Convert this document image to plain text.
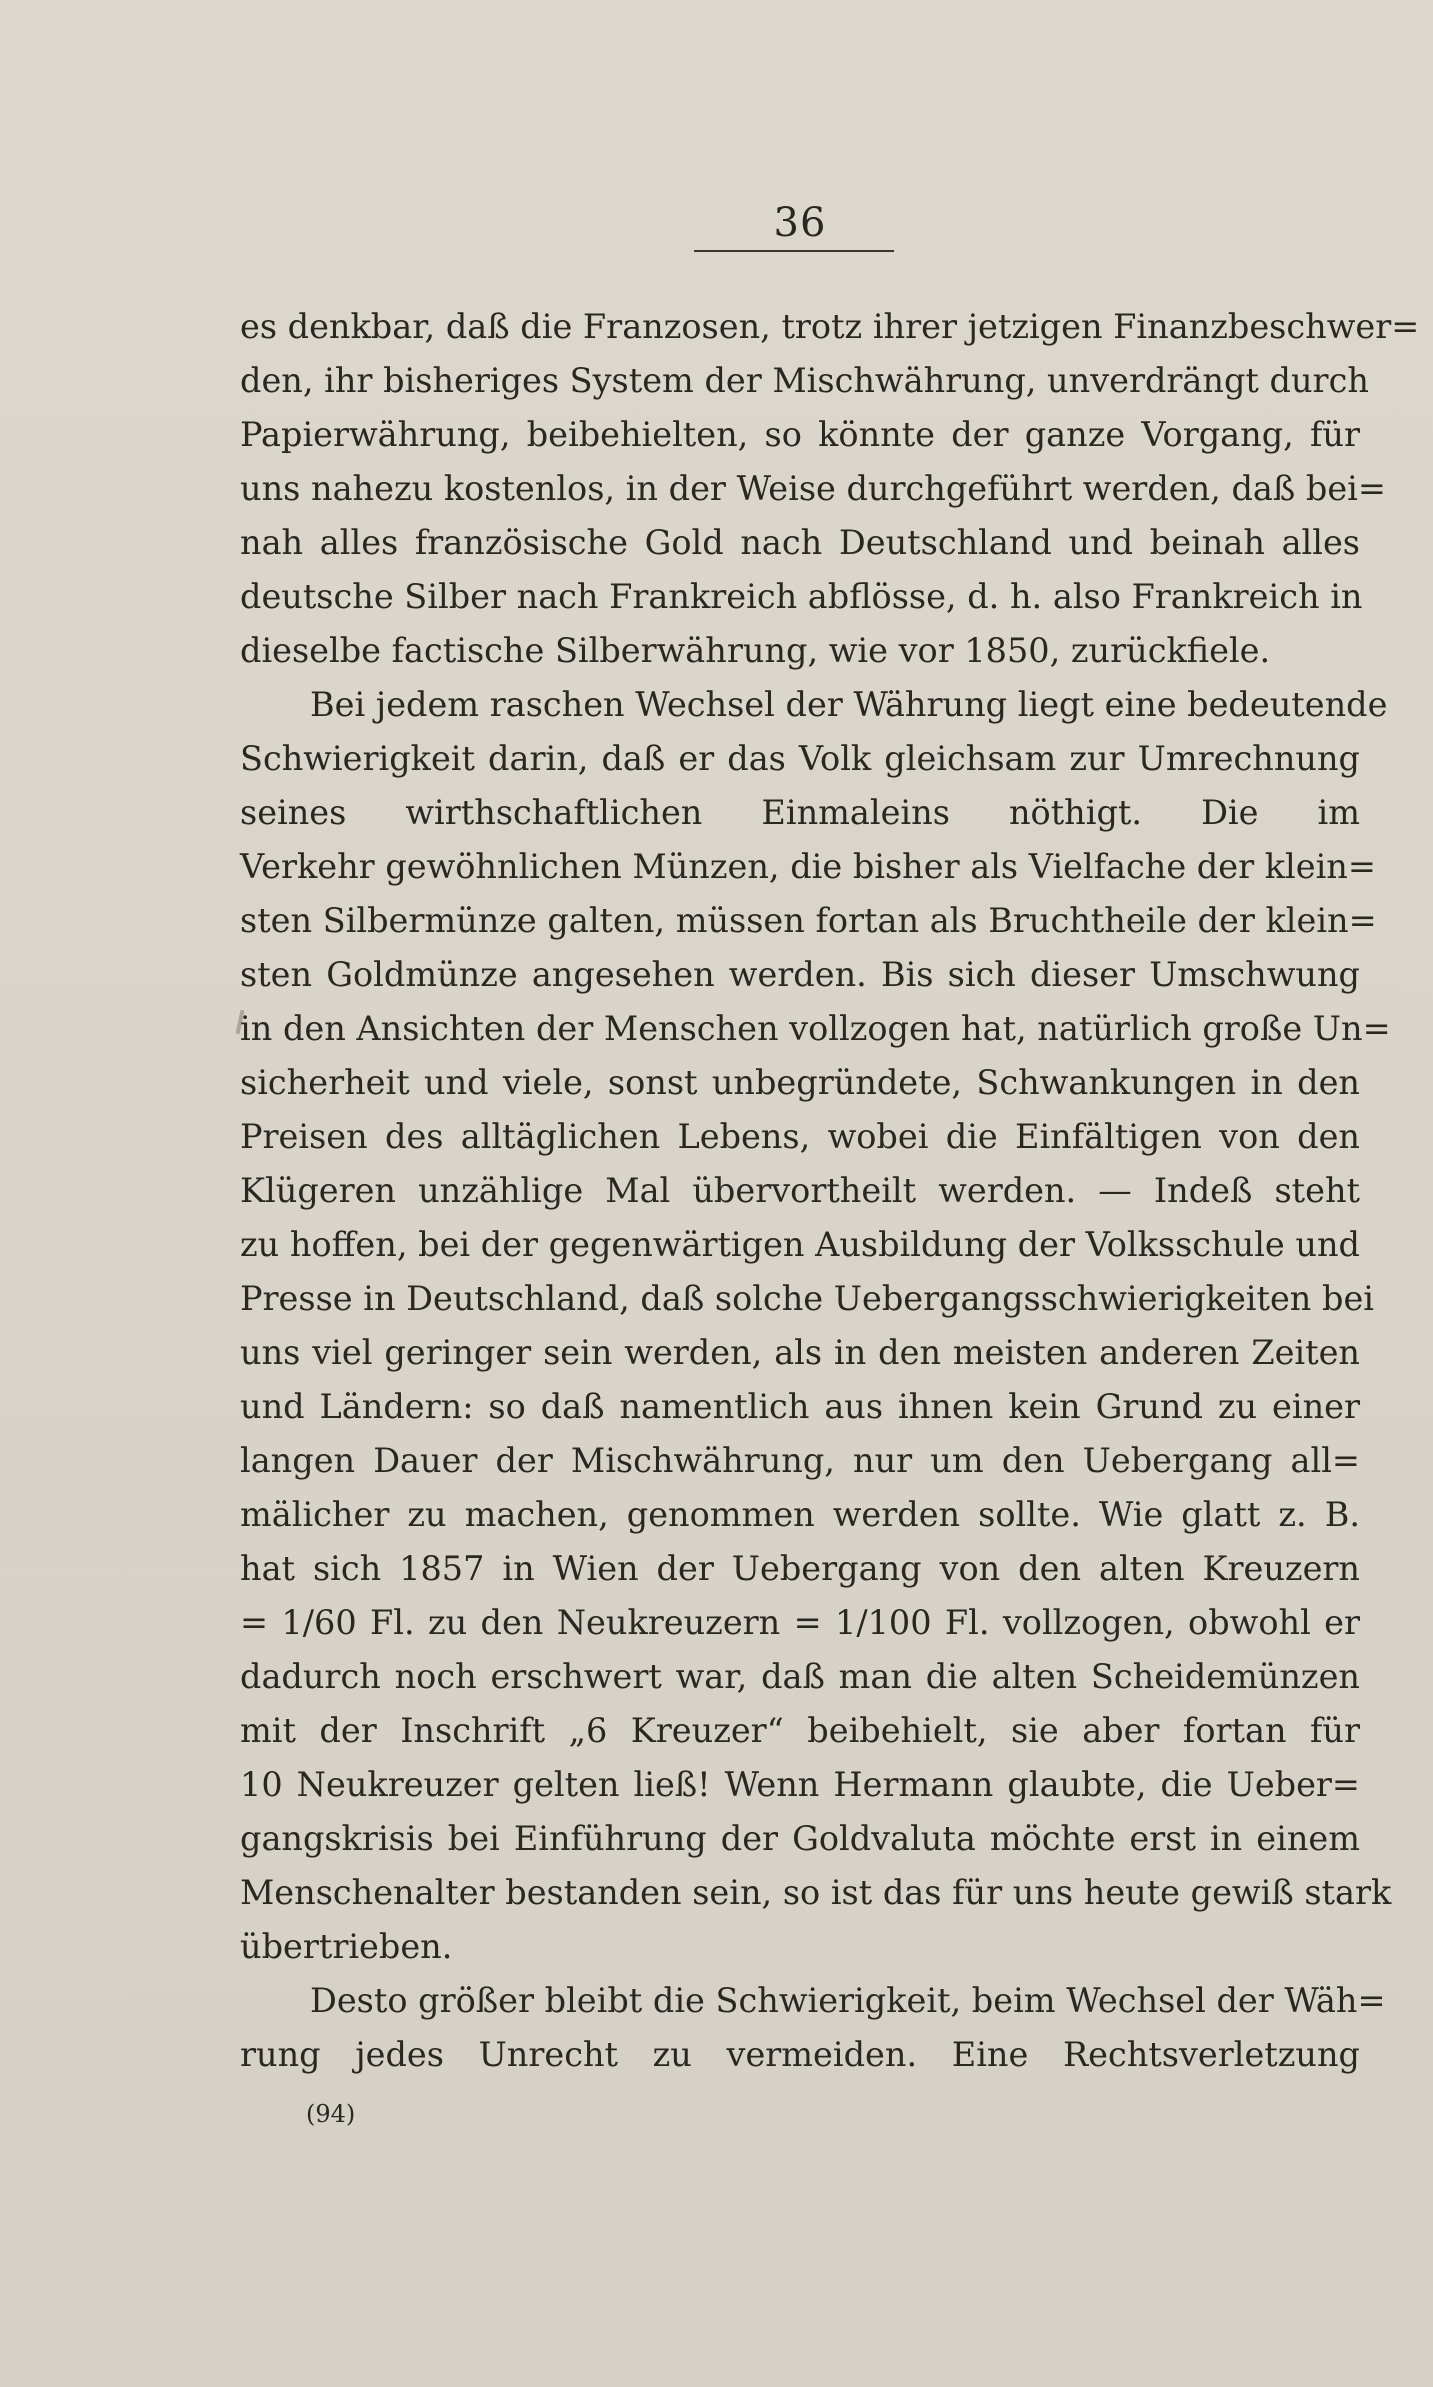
36
es denkbar, daß die Franzosen, trotz ihrer jetzigen Finanzbeschwer=
den, ihr bisheriges System der Mischwährung, unverdrängt durch
Papierwährung, beibehielten, so könnte der ganze Vorgang, für
uns nahezu kostenlos, in der Weise durchgeführt werden, daß bei=
nah alles französische Gold nach Deutschland und beinah alles
deutsche Silber nach Frankreich abflösse, d. h. also Frankreich in
dieselbe factische Silberwährung, wie vor 1850, zurückfiele.
Bei jedem raschen Wechsel der Währung liegt eine bedeutende
Schwierigkeit darin, daß er das Volk gleichsam zur Umrechnung
seines wirthschaftlichen Einmaleins nöthigt. Die im
Verkehr gewöhnlichen Münzen, die bisher als Vielfache der klein=
sten Silbermünze galten, müssen fortan als Bruchtheile der klein=
sten Goldmünze angesehen werden. Bis sich dieser Umschwung
in den Ansichten der Menschen vollzogen hat, natürlich große Un=
sicherheit und viele, sonst unbegründete, Schwankungen in den
Preisen des alltäglichen Lebens, wobei die Einfältigen von den
Klügeren unzählige Mal übervortheilt werden. — Indeß steht
zu hoffen, bei der gegenwärtigen Ausbildung der Volksschule und
Presse in Deutschland, daß solche Uebergangsschwierigkeiten bei
uns viel geringer sein werden, als in den meisten anderen Zeiten
und Ländern: so daß namentlich aus ihnen kein Grund zu einer
langen Dauer der Mischwährung, nur um den Uebergang all=
mälicher zu machen, genommen werden sollte. Wie glatt z. B.
hat sich 1857 in Wien der Uebergang von den alten Kreuzern
= 1/60 Fl. zu den Neukreuzern = 1/100 Fl. vollzogen, obwohl er
dadurch noch erschwert war, daß man die alten Scheidemünzen
mit der Inschrift „6 Kreuzer“ beibehielt, sie aber fortan für
10 Neukreuzer gelten ließ! Wenn Hermann glaubte, die Ueber=
gangskrisis bei Einführung der Goldvaluta möchte erst in einem
Menschenalter bestanden sein, so ist das für uns heute gewiß stark
übertrieben.
Desto größer bleibt die Schwierigkeit, beim Wechsel der Wäh=
rung jedes Unrecht zu vermeiden. Eine Rechtsverletzung
(94)
